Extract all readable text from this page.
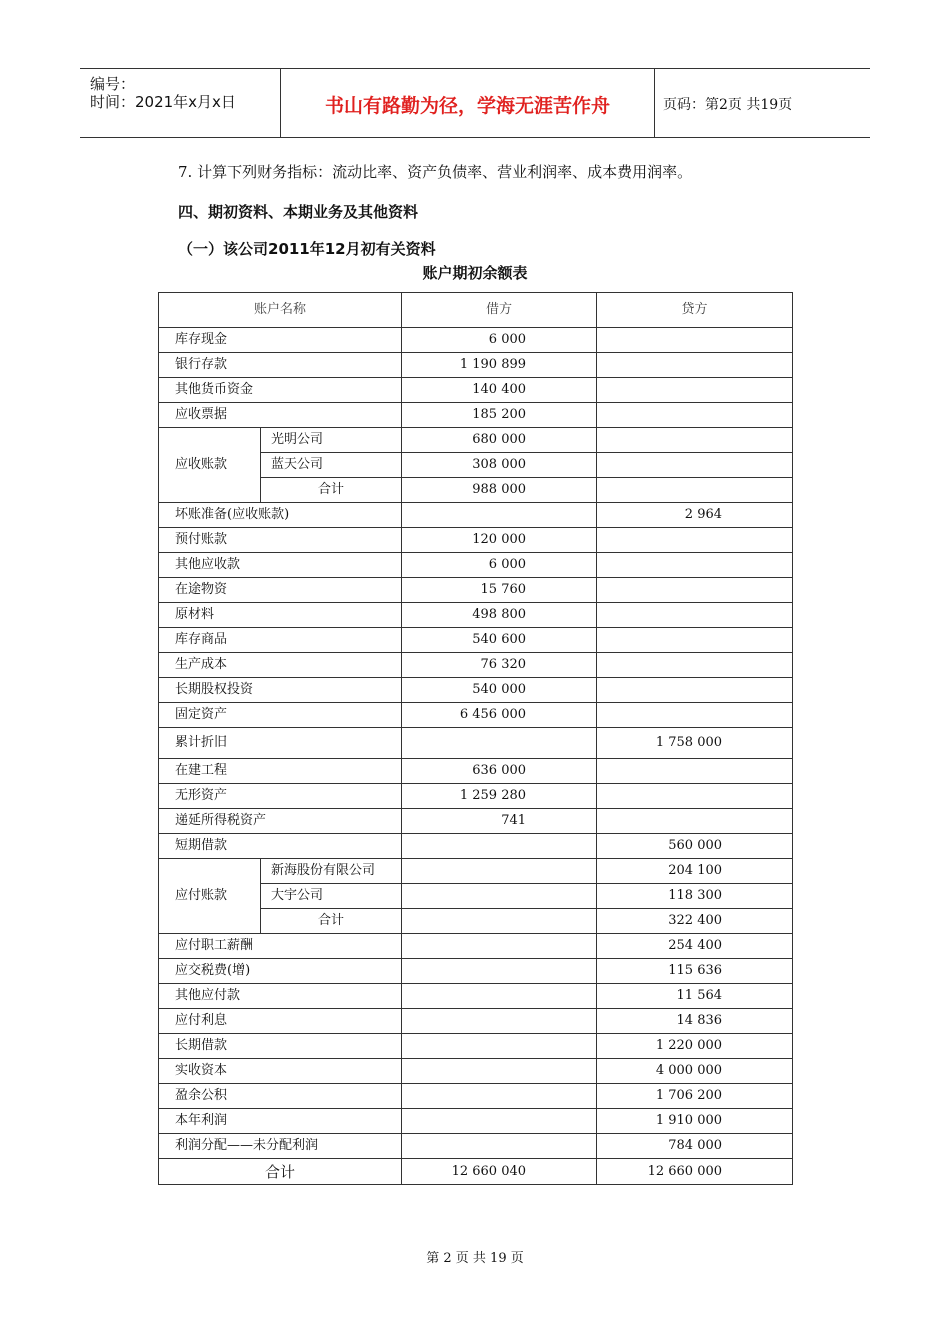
编号：
时间：2021年x月x日	书山有路勤为径，学海无涯苦作舟	页码：第2页 共19页
7. 计算下列财务指标：流动比率、资产负债率、营业利润率、成本费用润率。
四、期初资料、本期业务及其他资料
（一）该公司2011年12月初有关资料
账户期初余额表
账户名称		借方	贷方
库存现金		6 000	
银行存款		1 190 899	
其他货币资金		140 400	
应收票据		185 200	
应收账款	光明公司	680 000	
	蓝天公司	308 000	
	合计	988 000	
坏账准备(应收账款)			2 964
预付账款		120 000	
其他应收款		6 000	
在途物资		15 760	
原材料		498 800	
库存商品		540 600	
生产成本		76 320	
长期股权投资		540 000	
固定资产		6 456 000	
累计折旧			1 758 000
在建工程		636 000	
无形资产		1 259 280	
递延所得税资产		741	
短期借款			560 000
应付账款	新海股份有限公司		204 100
	大宇公司		118 300
	合计		322 400
应付职工薪酬			254 400
应交税费(增)			115 636
其他应付款			11 564
应付利息			14 836
长期借款			1 220 000
实收资本			4 000 000
盈余公积			1 706 200
本年利润			1 910 000
利润分配——未分配利润			784 000
合计		12 660 040	12 660 000
第 2 页 共 19 页
